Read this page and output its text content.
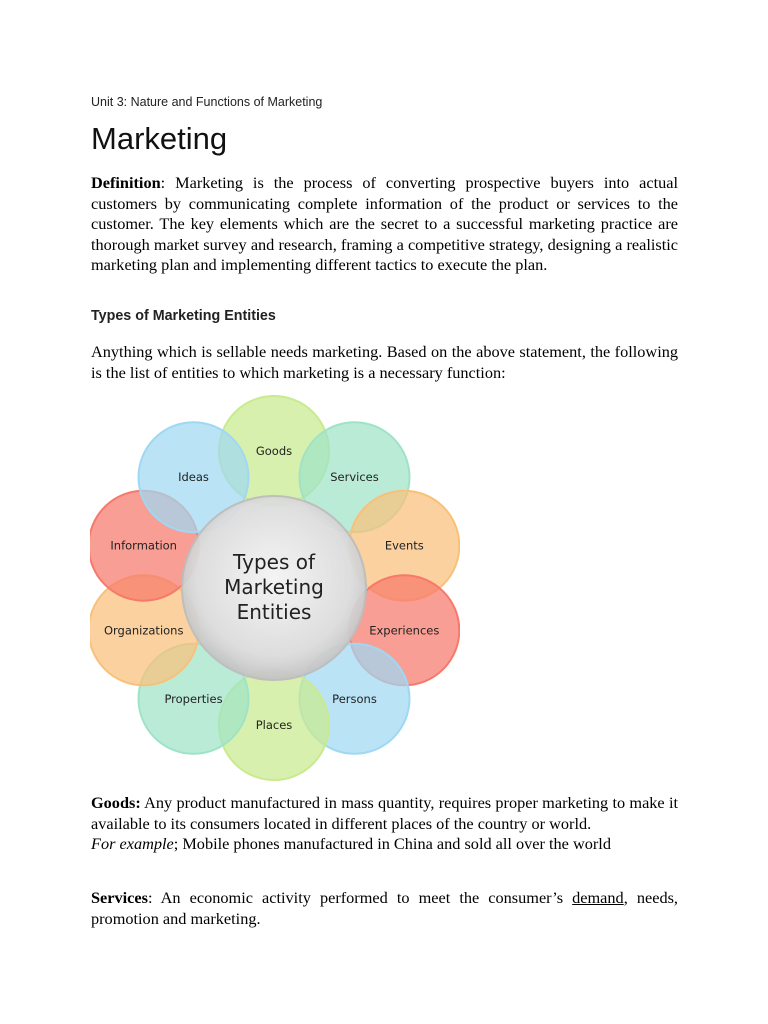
Unit 3: Nature and Functions of Marketing
Marketing

Definition: Marketing is the process of converting prospective buyers into actual customers by communicating complete information of the product or services to the customer. The key elements which are the secret to a successful marketing practice are thorough market survey and research, framing a competitive strategy, designing a realistic marketing plan and implementing different tactics to execute the plan.

Types of Marketing Entities

Anything which is sellable needs marketing. Based on the above statement, the following is the list of entities to which marketing is a necessary function:

Goods: Any product manufactured in mass quantity, requires proper marketing to make it available to its consumers located in different places of the country or world.
For example; Mobile phones manufactured in China and sold all over the world

Services: An economic activity performed to meet the consumer’s demand, needs, promotion and marketing.

Types of
Marketing
Entities
Goods
Services
Events
Experiences
Persons
Places
Properties
Organizations
Information
Ideas
